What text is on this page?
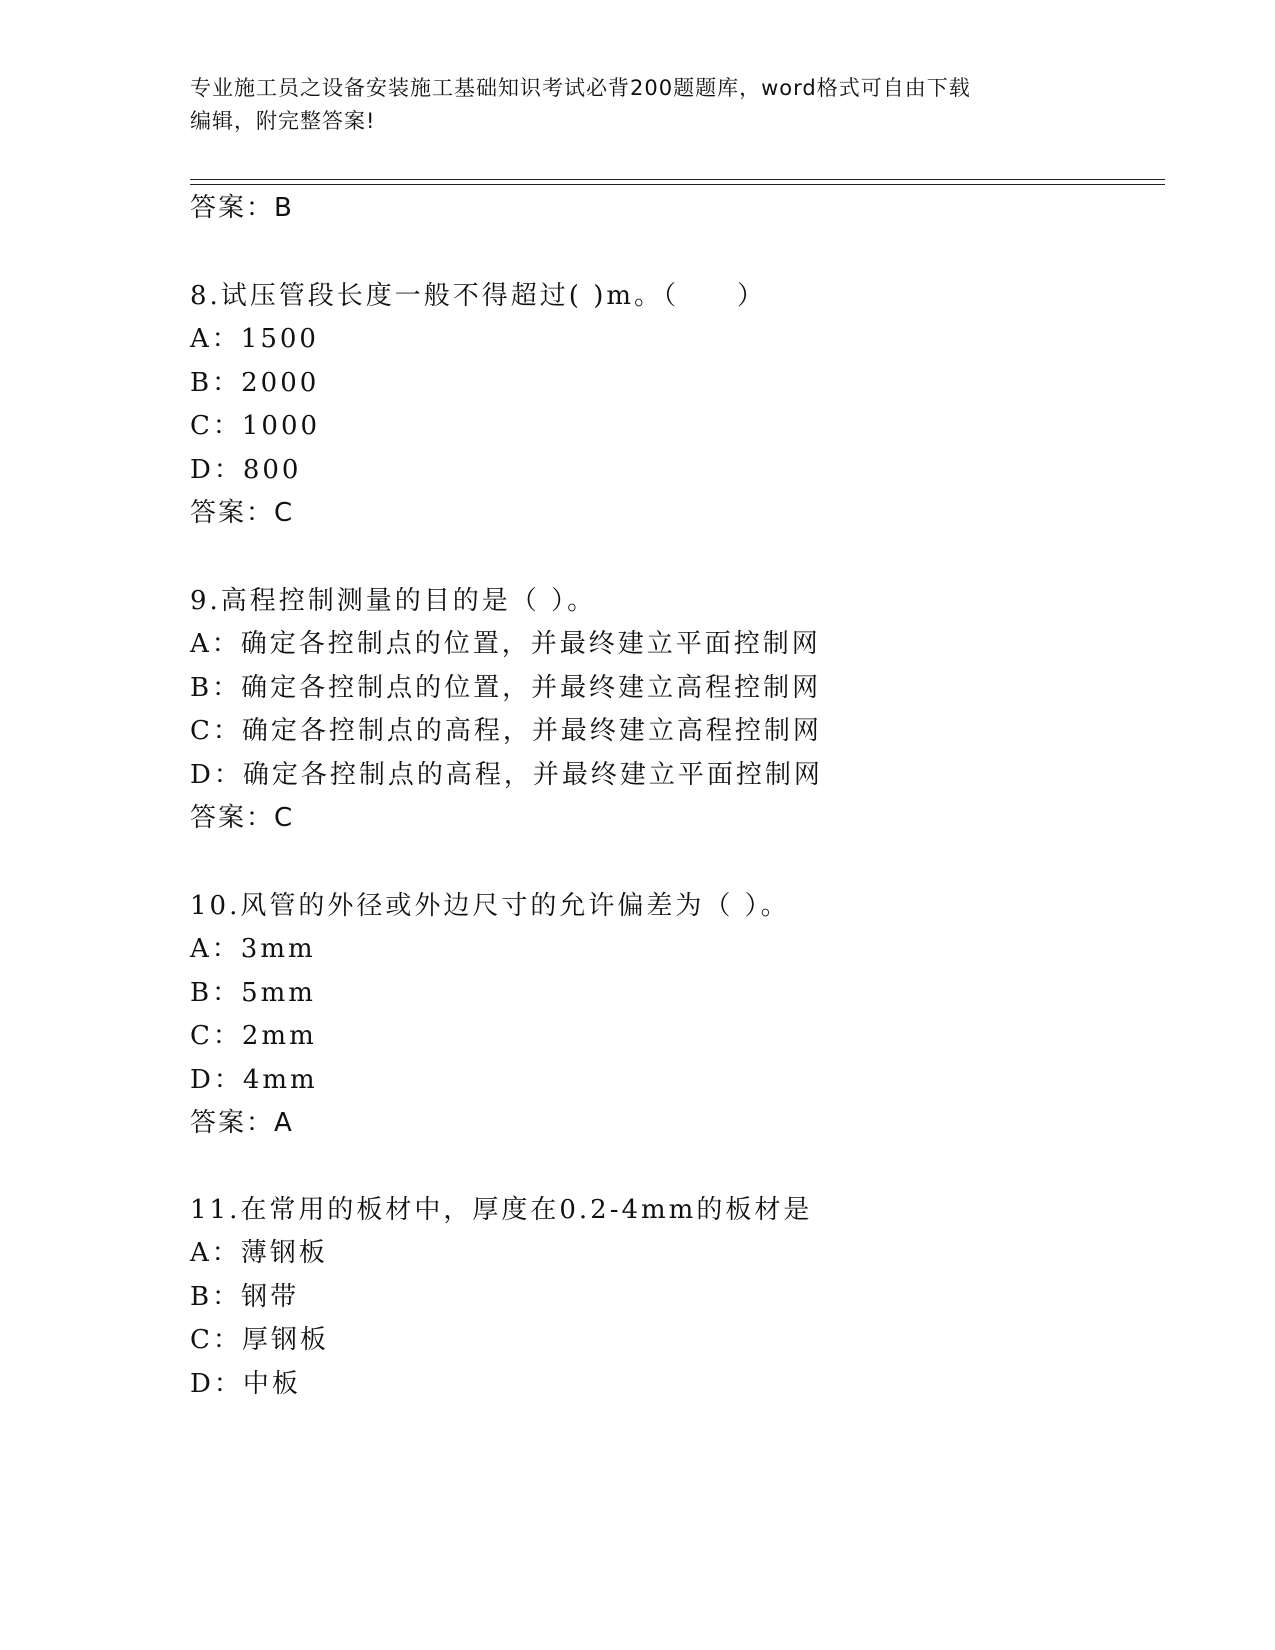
专业施工员之设备安装施工基础知识考试必背200题题库，word格式可自由下载
编辑，附完整答案!
答案：B
8.试压管段长度一般不得超过( )m。（　　）
A：1500
B：2000
C：1000
D：800
答案：C
9.高程控制测量的目的是（ ）。
A：确定各控制点的位置，并最终建立平面控制网
B：确定各控制点的位置，并最终建立高程控制网
C：确定各控制点的高程，并最终建立高程控制网
D：确定各控制点的高程，并最终建立平面控制网
答案：C
10.风管的外径或外边尺寸的允许偏差为（ ）。
A：3mm
B：5mm
C：2mm
D：4mm
答案：A
11.在常用的板材中，厚度在0.2-4mm的板材是
A：薄钢板
B：钢带
C：厚钢板
D：中板
